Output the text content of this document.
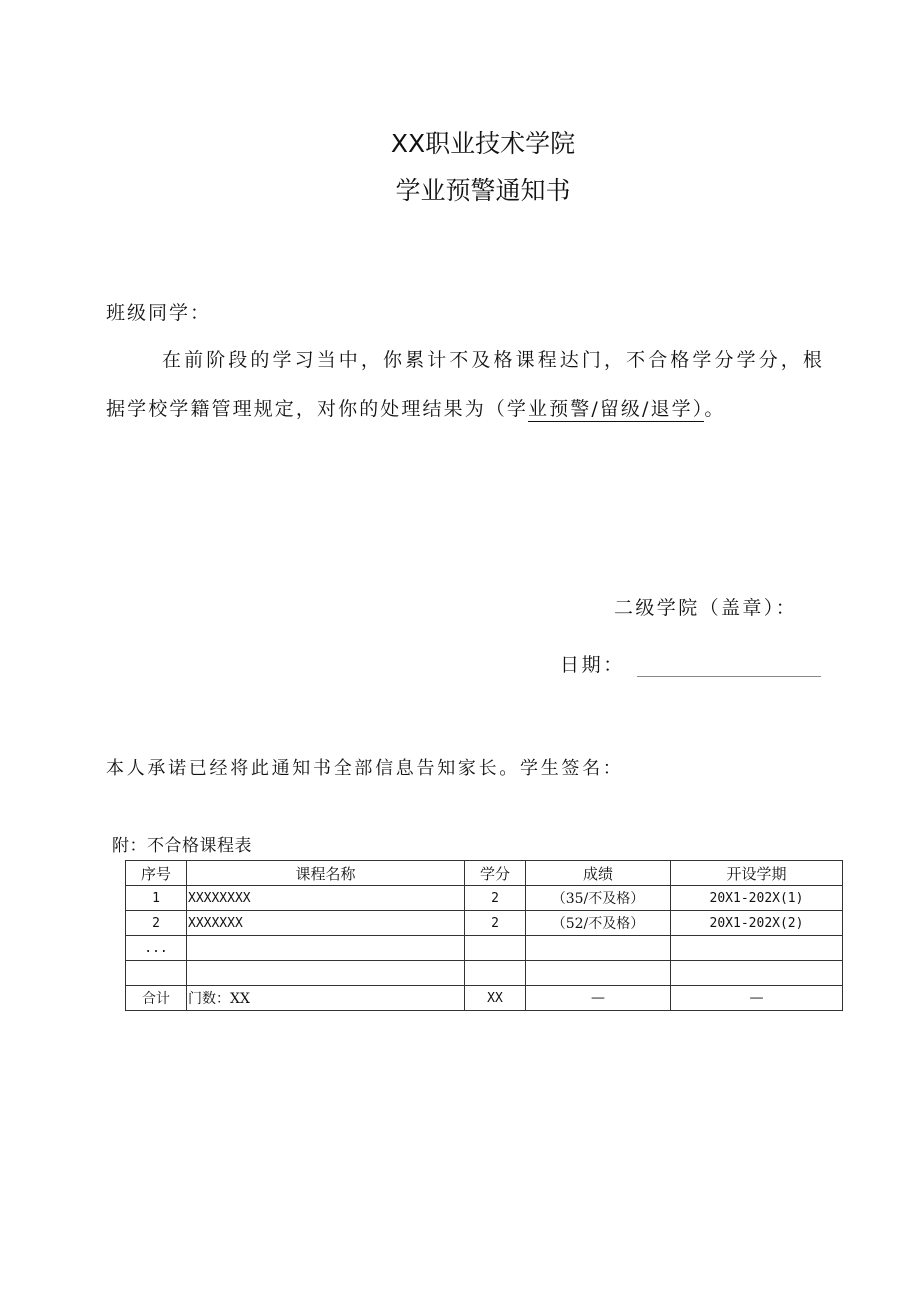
XX职业技术学院
学业预警通知书
班级同学：
在前阶段的学习当中，你累计不及格课程达门，不合格学分学分，根
据学校学籍管理规定，对你的处理结果为（学业预警/留级/退学）。
二级学院（盖章）：
日期：
本人承诺已经将此通知书全部信息告知家长。学生签名：
附：不合格课程表
序号	课程名称	学分	成绩	开设学期
1	XXXXXXXX	2	（35/不及格）	20X1-202X(1)
2	XXXXXXX	2	（52/不及格）	20X1-202X(2)
...				

合计	门数：XX	XX	—	—
